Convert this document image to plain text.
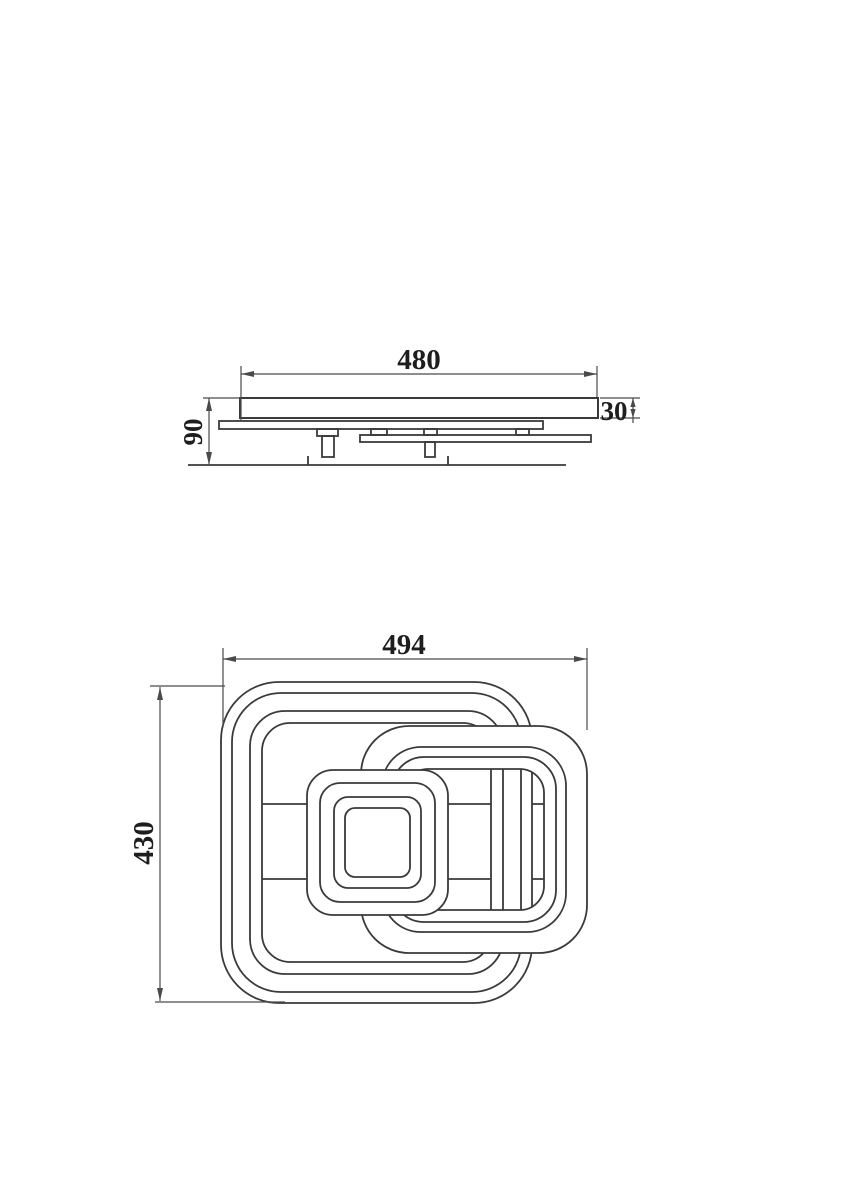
480
30
90
494
430
